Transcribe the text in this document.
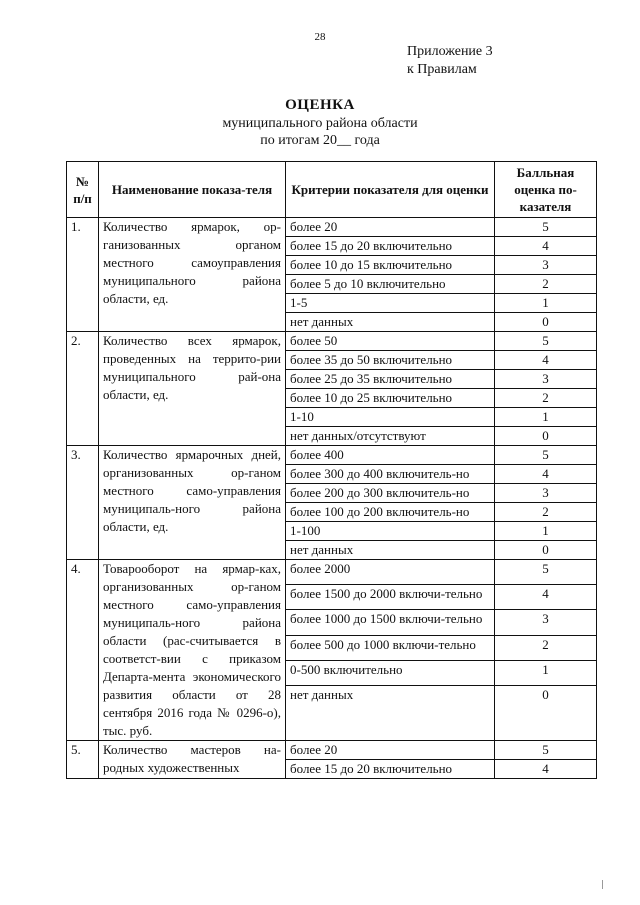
28
Приложение 3
к Правилам
ОЦЕНКА
муниципального района области
по итогам 20__ года
№ п/п	Наименование показа-теля	Критерии показателя для оценки	Балльная оценка по-казателя
1.	Количество ярмарок, ор-ганизованных органом местного самоуправления муниципального района области, ед.	более 20	5
		более 15 до 20 включительно	4
		более 10 до 15 включительно	3
		более 5 до 10 включительно	2
		1-5	1
		нет данных	0
2.	Количество всех ярмарок, проведенных на террито-рии муниципального рай-она области, ед.	более 50	5
		более 35 до 50 включительно	4
		более 25 до 35 включительно	3
		более 10 до 25 включительно	2
		1-10	1
		нет данных/отсутствуют	0
3.	Количество ярмарочных дней, организованных ор-ганом местного само-управления муниципаль-ного района области, ед.	более 400	5
		более 300 до 400 включитель-но	4
		более 200 до 300 включитель-но	3
		более 100 до 200 включитель-но	2
		1-100	1
		нет данных	0
4.	Товарооборот на ярмар-ках, организованных ор-ганом местного само-управления муниципаль-ного района области (рас-считывается в соответст-вии с приказом Департа-мента экономического развития области от 28 сентября 2016 года № 0296-о), тыс. руб.	более 2000	5
		более 1500 до 2000 включи-тельно	4
		более 1000 до 1500 включи-тельно	3
		более 500 до 1000 включи-тельно	2
		0-500 включительно	1
		нет данных	0
5.	Количество мастеров на-родных художественных	более 20	5
		более 15 до 20 включительно	4
